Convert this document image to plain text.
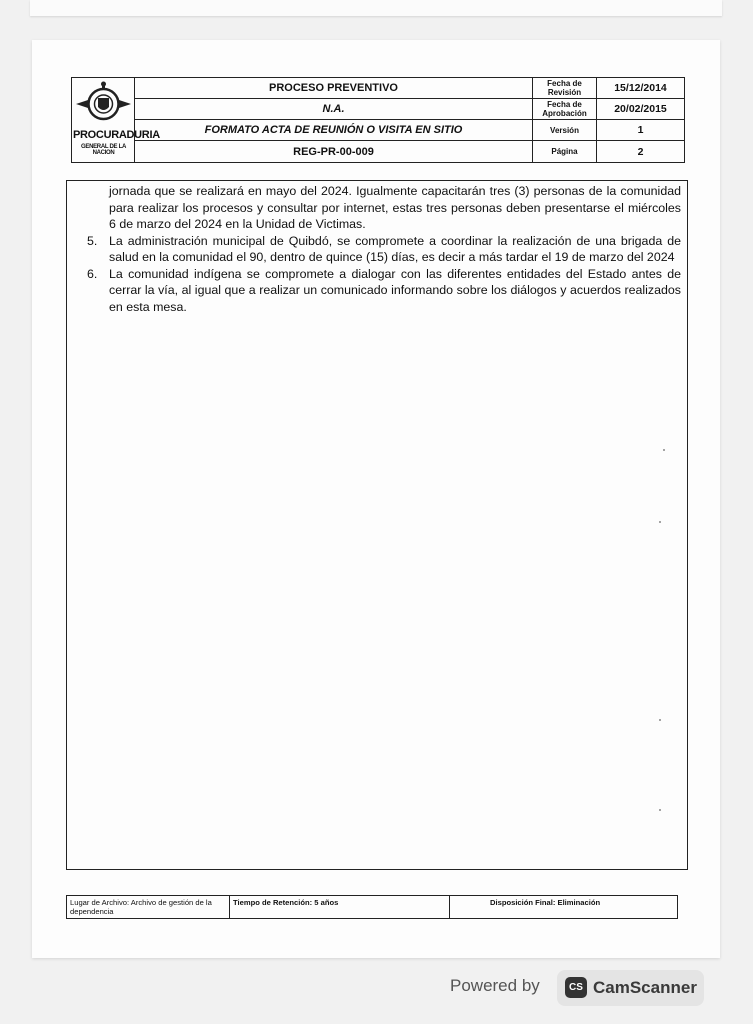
PROCURADURIA
GENERAL DE LA NACION
PROCESO PREVENTIVO
N.A.
FORMATO ACTA DE REUNIÓN O VISITA EN SITIO
REG-PR-00-009
Fecha de Revisión
Fecha de Aprobación
Versión
Página
15/12/2014
20/02/2015
1
2

jornada que se realizará en mayo del 2024. Igualmente capacitarán tres (3) personas de la comunidad para realizar los procesos y consultar por internet, estas tres personas deben presentarse el miércoles 6 de marzo del 2024 en la Unidad de Victimas.

5. La administración municipal de Quibdó, se compromete a coordinar la realización de una brigada de salud en la comunidad el 90, dentro de quince (15) días, es decir a más tardar el 19 de marzo del 2024
6. La comunidad indígena se compromete a dialogar con las diferentes entidades del Estado antes de cerrar la vía, al igual que a realizar un comunicado informando sobre los diálogos y acuerdos realizados en esta mesa.
Lugar de Archivo: Archivo de gestión de la dependencia
Tiempo de Retención: 5 años	Disposición Final: Eliminación
Powered by	CS CamScanner
